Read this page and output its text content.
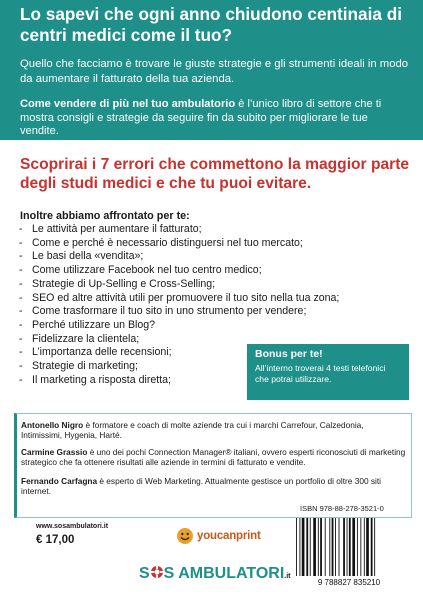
Lo sapevi che ogni anno chiudono centinaia di centri medici come il tuo?

Quello che facciamo è trovare le giuste strategie e gli strumenti ideali in modo da aumentare il fatturato della tua azienda.

Come vendere di più nel tuo ambulatorio è l’unico libro di settore che ti mostra consigli e strategie da seguire fin da subito per migliorare le tue vendite.

Scoprirai i 7 errori che commettono la maggior parte degli studi medici e che tu puoi evitare.

Inoltre abbiamo affrontato per te:

- Le attività per aumentare il fatturato;
- Come e perché è necessario distinguersi nel tuo mercato;
- Le basi della «vendita»;
- Come utilizzare Facebook nel tuo centro medico;
- Strategie di Up-Selling e Cross-Selling;
- SEO ed altre attività utili per promuovere il tuo sito nella tua zona;
- Come trasformare il tuo sito in uno strumento per vendere;
- Perché utilizzare un Blog?
- Fidelizzare la clientela;
- L’importanza delle recensioni;
- Strategie di marketing;
- Il marketing a risposta diretta;
Bonus per te!
All’interno troverai 4 testi telefonici che potrai utilizzare.

Antonello Nigro è formatore e coach di molte aziende tra cui i marchi Carrefour, Calzedonia, Intimissimi, Hygenia, Harté.

Carmine Grassio è uno dei pochi Connection Manager® italiani, ovvero esperti riconosciuti di marketing strategico che fa ottenere risultati alle aziende in termini di fatturato e vendite.

Fernando Carfagna è esperto di Web Marketing. Attualmente gestisce un portfolio di oltre 300 siti internet.

www.sosambulatori.it

€ 17,00	youcanprint

S S AMBULATORI.it

ISBN 978-88-278-3521-0

9 788827 835210
